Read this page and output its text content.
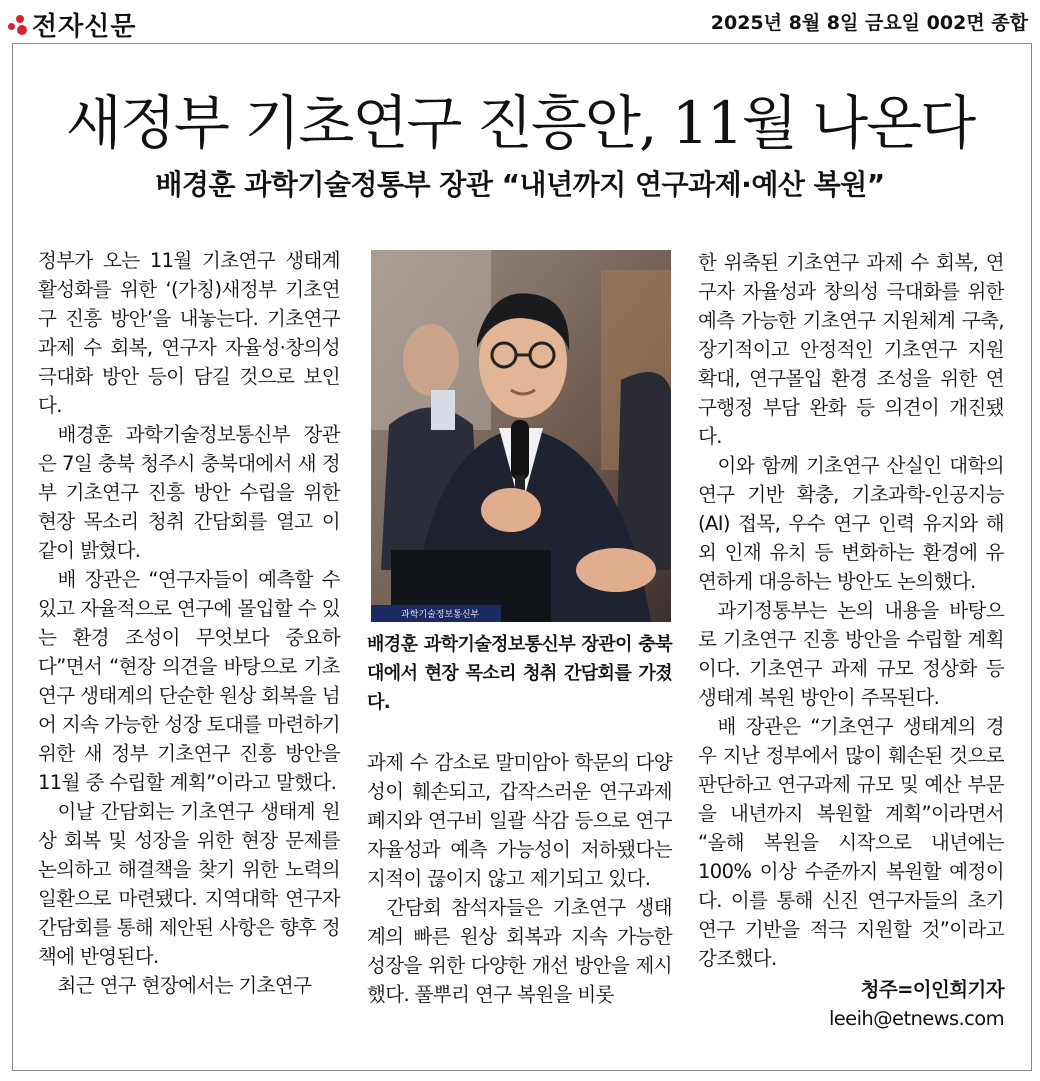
전자신문	2025년 8월 8일 금요일 002면 종합
새정부 기초연구 진흥안, 11월 나온다
배경훈 과학기술정통부 장관 “내년까지 연구과제·예산 복원”

정부가 오는 11월 기초연구 생태계 활성화를 위한 ‘(가칭)새정부 기초연구 진흥 방안’을 내놓는다. 기초연구 과제 수 회복, 연구자 자율성·창의성 극대화 방안 등이 담길 것으로 보인다.

배경훈 과학기술정보통신부 장관은 7일 충북 청주시 충북대에서 새 정부 기초연구 진흥 방안 수립을 위한 현장 목소리 청취 간담회를 열고 이 같이 밝혔다.

배 장관은 “연구자들이 예측할 수 있고 자율적으로 연구에 몰입할 수 있는 환경 조성이 무엇보다 중요하다”면서 “현장 의견을 바탕으로 기초연구 생태계의 단순한 원상 회복을 넘어 지속 가능한 성장 토대를 마련하기 위한 새 정부 기초연구 진흥 방안을 11월 중 수립할 계획”이라고 말했다.

이날 간담회는 기초연구 생태계 원상 회복 및 성장을 위한 현장 문제를 논의하고 해결책을 찾기 위한 노력의 일환으로 마련됐다. 지역대학 연구자 간담회를 통해 제안된 사항은 향후 정책에 반영된다.

최근 연구 현장에서는 기초연구

과학기술정보통신부
배경훈 과학기술정보통신부 장관이 충북대에서 현장 목소리 청취 간담회를 가졌다.

과제 수 감소로 말미암아 학문의 다양성이 훼손되고, 갑작스러운 연구과제 폐지와 연구비 일괄 삭감 등으로 연구 자율성과 예측 가능성이 저하됐다는 지적이 끊이지 않고 제기되고 있다.

간담회 참석자들은 기초연구 생태계의 빠른 원상 회복과 지속 가능한 성장을 위한 다양한 개선 방안을 제시했다. 풀뿌리 연구 복원을 비롯

한 위축된 기초연구 과제 수 회복, 연구자 자율성과 창의성 극대화를 위한 예측 가능한 기초연구 지원체계 구축, 장기적이고 안정적인 기초연구 지원 확대, 연구몰입 환경 조성을 위한 연구행정 부담 완화 등 의견이 개진됐다.

이와 함께 기초연구 산실인 대학의 연구 기반 확충, 기초과학-인공지능(AI) 접목, 우수 연구 인력 유지와 해외 인재 유치 등 변화하는 환경에 유연하게 대응하는 방안도 논의했다.

과기정통부는 논의 내용을 바탕으로 기초연구 진흥 방안을 수립할 계획이다. 기초연구 과제 규모 정상화 등 생태계 복원 방안이 주목된다.

배 장관은 “기초연구 생태계의 경우 지난 정부에서 많이 훼손된 것으로 판단하고 연구과제 규모 및 예산 부문을 내년까지 복원할 계획”이라면서 “올해 복원을 시작으로 내년에는 100% 이상 수준까지 복원할 예정이다. 이를 통해 신진 연구자들의 초기 연구 기반을 적극 지원할 것”이라고 강조했다.

청주=이인희기자 leeih@etnews.com
